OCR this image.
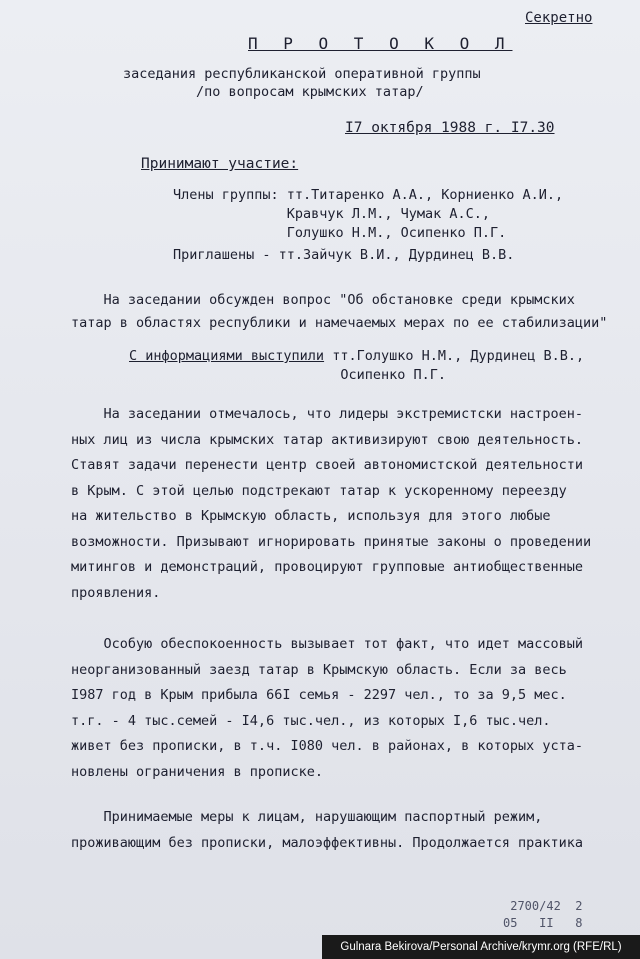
Секретно
П Р О Т О К О Л
заседания республиканской оперативной группы
/по вопросам крымских татар/
I7 октября 1988 г. I7.30
Принимают участие:
Члены группы: тт.Титаренко А.А., Корниенко А.И.,
Кравчук Л.М., Чумак А.С.,
Голушко Н.М., Осипенко П.Г.
Приглашены - тт.Зайчук В.И., Дурдинец В.В.
На заседании обсужден вопрос "Об обстановке среди крымских
татар в областях республики и намечаемых мерах по ее стабилизации"
С информациями выступили тт.Голушко Н.М., Дурдинец В.В.,
Осипенко П.Г.
На заседании отмечалось, что лидеры экстремистски настроен-
ных лиц из числа крымских татар активизируют свою деятельность.
Ставят задачи перенести центр своей автономистской деятельности
в Крым. С этой целью подстрекают татар к ускоренному переезду
на жительство в Крымскую область, используя для этого любые
возможности. Призывают игнорировать принятые законы о проведении
митингов и демонстраций, провоцируют групповые антиобщественные
проявления.
Особую обеспокоенность вызывает тот факт, что идет массовый
неорганизованный заезд татар в Крымскую область. Если за весь
I987 год в Крым прибыла 66I семья - 2297 чел., то за 9,5 мес.
т.г. - 4 тыс.семей - I4,6 тыс.чел., из которых I,6 тыс.чел.
живет без прописки, в т.ч. I080 чел. в районах, в которых уста-
новлены ограничения в прописке.
Принимаемые меры к лицам, нарушающим паспортный режим,
проживающим без прописки, малоэффективны. Продолжается практика
2700/42  2
05   II   8
Gulnara Bekirova/Personal Archive/krymr.org (RFE/RL)
